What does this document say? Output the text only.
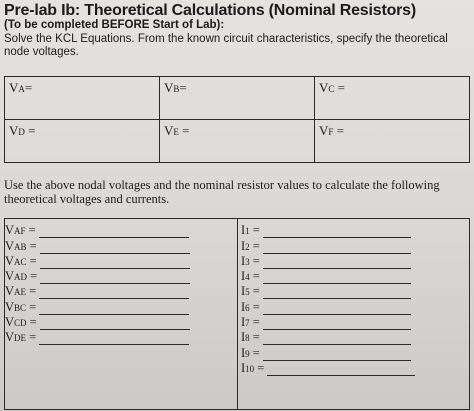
Pre-lab Ib: Theoretical Calculations (Nominal Resistors)
(To be completed BEFORE Start of Lab):
Solve the KCL Equations. From the known circuit characteristics, specify the theoretical node voltages.
VA=	VB=	VC =
VD =	VE =	VF =
Use the above nodal voltages and the nominal resistor values to calculate the following theoretical voltages and currents.
VAF =
VAB =
VAC =
VAD =
VAE =
VBC =
VCD =
VDE =
I1 =
I2 =
I3 =
I4 =
I5 =
I6 =
I7 =
I8 =
I9 =
I10 =
